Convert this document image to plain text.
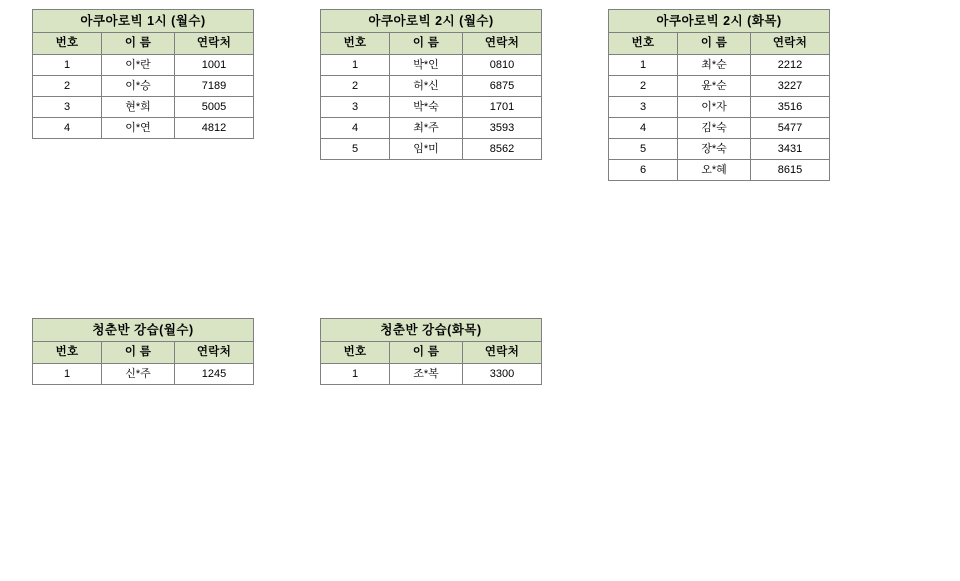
아쿠아로빅 1시 (월수)		
번호	이 름	연락처
1	이*란	1001
2	이*승	7189
3	현*희	5005
4	이*연	4812
아쿠아로빅 2시 (월수)		
번호	이 름	연락처
1	박*인	0810
2	허*신	6875
3	박*숙	1701
4	최*주	3593
5	임*미	8562
아쿠아로빅 2시 (화목)		
번호	이 름	연락처
1	최*순	2212
2	윤*순	3227
3	이*자	3516
4	김*숙	5477
5	장*숙	3431
6	오*혜	8615
청춘반 강습(월수)		
번호	이 름	연락처
1	신*주	1245
청춘반 강습(화목)		
번호	이 름	연락처
1	조*복	3300
